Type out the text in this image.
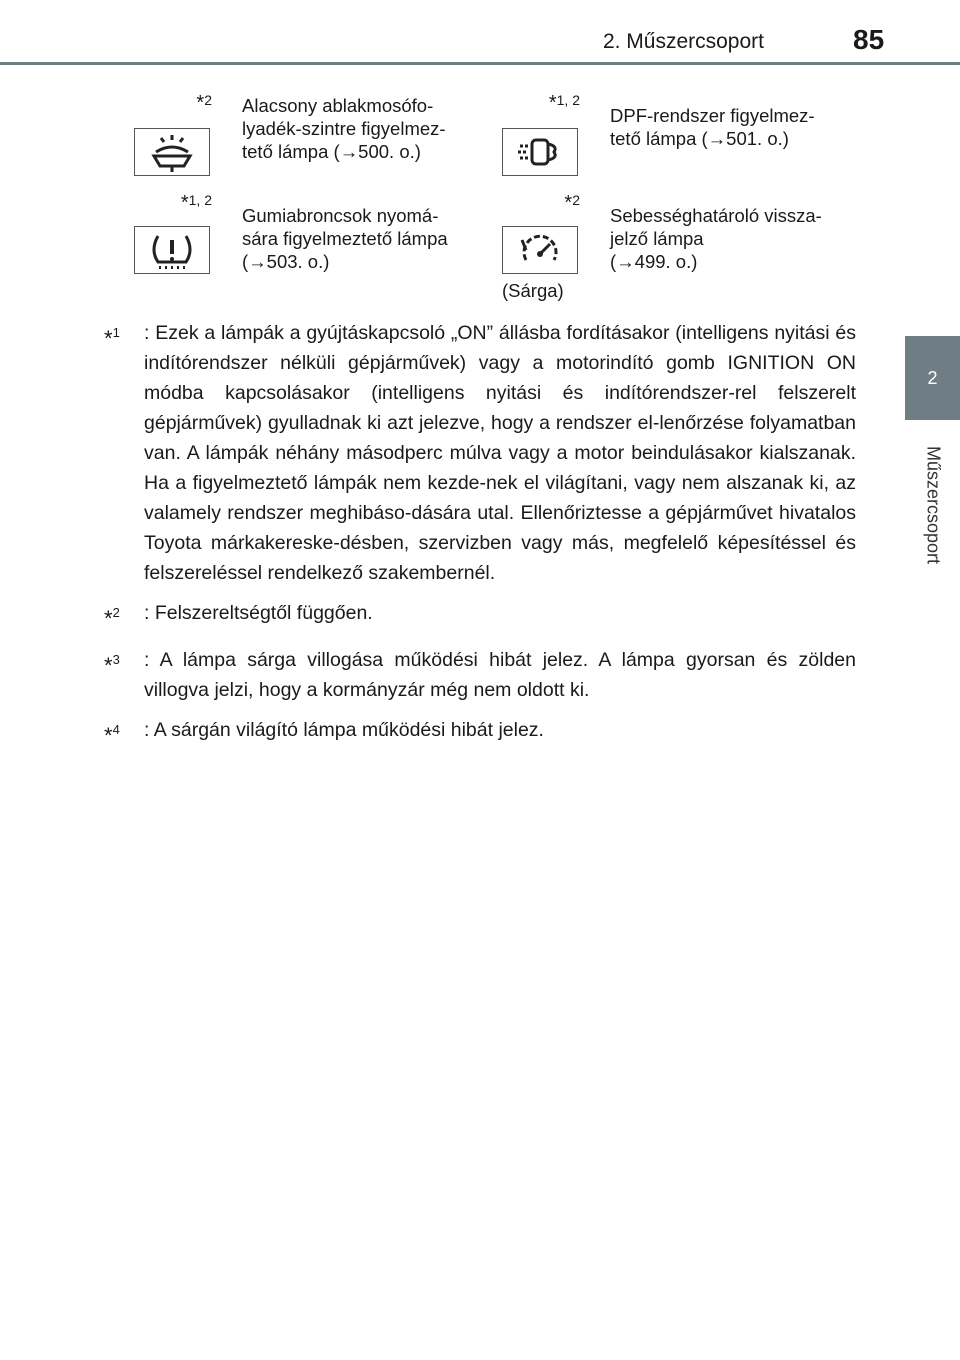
2. Műszercsoport	85
2
Műszercsoport
*2 Alacsony ablakmosófo-
lyadék-szintre figyelmez-
tető lámpa (→500. o.)
*1, 2
DPF-rendszer figyelmez-
tető lámpa (→501. o.)
*1, 2
Gumiabroncsok nyomá-
sára figyelmeztető lámpa
(→503. o.)
*2
Sebességhatároló vissza-
jelző lámpa
(→499. o.)
(Sárga)
*$^1$	: Ezek a lámpák a gyújtáskapcsoló „ON” állásba fordításakor (intelligens nyitási és indítórendszer nélküli gépjárművek) vagy a motorindító gomb IGNITION ON módba kapcsolásakor (intelligens nyitási és indítórendszer-rel felszerelt gépjárművek) gyulladnak ki azt jelezve, hogy a rendszer el-lenőrzése folyamatban van. A lámpák néhány másodperc múlva vagy a motor beindulásakor kialszanak. Ha a figyelmeztető lámpák nem kezde-nek el világítani, vagy nem alszanak ki, az valamely rendszer meghibáso-dására utal. Ellenőriztesse a gépjárművet hivatalos Toyota márkakereske-désben, szervizben vagy más, megfelelő képesítéssel és felszereléssel rendelkező szakembernél.
*$^2$	: Felszereltségtől függően.
*$^3$	: A lámpa sárga villogása működési hibát jelez. A lámpa gyorsan és zölden villogva jelzi, hogy a kormányzár még nem oldott ki.
*$^4$	: A sárgán világító lámpa működési hibát jelez.
